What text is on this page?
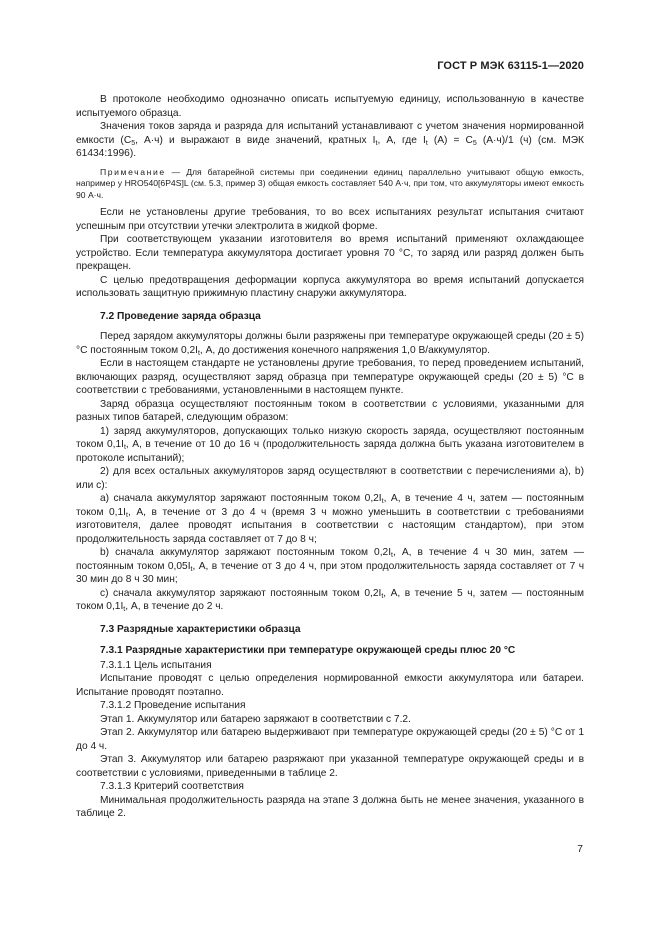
ГОСТ Р МЭК 63115-1—2020

В протоколе необходимо однозначно описать испытуемую единицу, использованную в качестве испытуемого образца.

Значения токов заряда и разряда для испытаний устанавливают с учетом значения нормированной емкости ($C_5$, А·ч) и выражают в виде значений, кратных $I_t$, А, где $I_t$ $(А) = C_5$ (А·ч)/1 (ч) (см. МЭК 61434:1996).

Примечание — Для батарейной системы при соединении единиц параллельно учитывают общую емкость, например у HRO540[6P4S]L (см. 5.3, пример 3) общая емкость составляет 540 А·ч, при том, что аккумуляторы имеют емкость 90 А·ч.

Если не установлены другие требования, то во всех испытаниях результат испытания считают успешным при отсутствии утечки электролита в жидкой форме.

При соответствующем указании изготовителя во время испытаний применяют охлаждающее устройство. Если температура аккумулятора достигает уровня 70 °С, то заряд или разряд должен быть прекращен.

С целью предотвращения деформации корпуса аккумулятора во время испытаний допускается использовать защитную прижимную пластину снаружи аккумулятора.

7.2 Проведение заряда образца

Перед зарядом аккумуляторы должны были разряжены при температуре окружающей среды (20 ± 5) °С постоянным током $0,2I_t$, А, до достижения конечного напряжения 1,0 В/аккумулятор.

Если в настоящем стандарте не установлены другие требования, то перед проведением испытаний, включающих разряд, осуществляют заряд образца при температуре окружающей среды (20 ± 5) °С в соответствии с требованиями, установленными в настоящем пункте.

Заряд образца осуществляют постоянным током в соответствии с условиями, указанными для разных типов батарей, следующим образом:

1) заряд аккумуляторов, допускающих только низкую скорость заряда, осуществляют постоянным током $0,1I_t$, А, в течение от 10 до 16 ч (продолжительность заряда должна быть указана изготовителем в протоколе испытаний);

2) для всех остальных аккумуляторов заряд осуществляют в соответствии с перечислениями а), b) или с):

а) сначала аккумулятор заряжают постоянным током $0,2I_t$, А, в течение 4 ч, затем — постоянным током $0,1I_t$, А, в течение от 3 до 4 ч (время 3 ч можно уменьшить в соответствии с требованиями изготовителя, далее проводят испытания в соответствии с настоящим стандартом), при этом продолжительность заряда составляет от 7 до 8 ч;

b) сначала аккумулятор заряжают постоянным током $0,2I_t$, А, в течение 4 ч 30 мин, затем — постоянным током $0,05I_t$, А, в течение от 3 до 4 ч, при этом продолжительность заряда составляет от 7 ч 30 мин до 8 ч 30 мин;

с) сначала аккумулятор заряжают постоянным током $0,2I_t$, А, в течение 5 ч, затем — постоянным током $0,1I_t$, А, в течение до 2 ч.

7.3 Разрядные характеристики образца
7.3.1 Разрядные характеристики при температуре окружающей среды плюс 20 °С

7.3.1.1 Цель испытания

Испытание проводят с целью определения нормированной емкости аккумулятора или батареи. Испытание проводят поэтапно.

7.3.1.2 Проведение испытания

Этап 1. Аккумулятор или батарею заряжают в соответствии с 7.2.

Этап 2. Аккумулятор или батарею выдерживают при температуре окружающей среды (20 ± 5) °С от 1 до 4 ч.

Этап 3. Аккумулятор или батарею разряжают при указанной температуре окружающей среды и в соответствии с условиями, приведенными в таблице 2.

7.3.1.3 Критерий соответствия

Минимальная продолжительность разряда на этапе 3 должна быть не менее значения, указанного в таблице 2.

7
